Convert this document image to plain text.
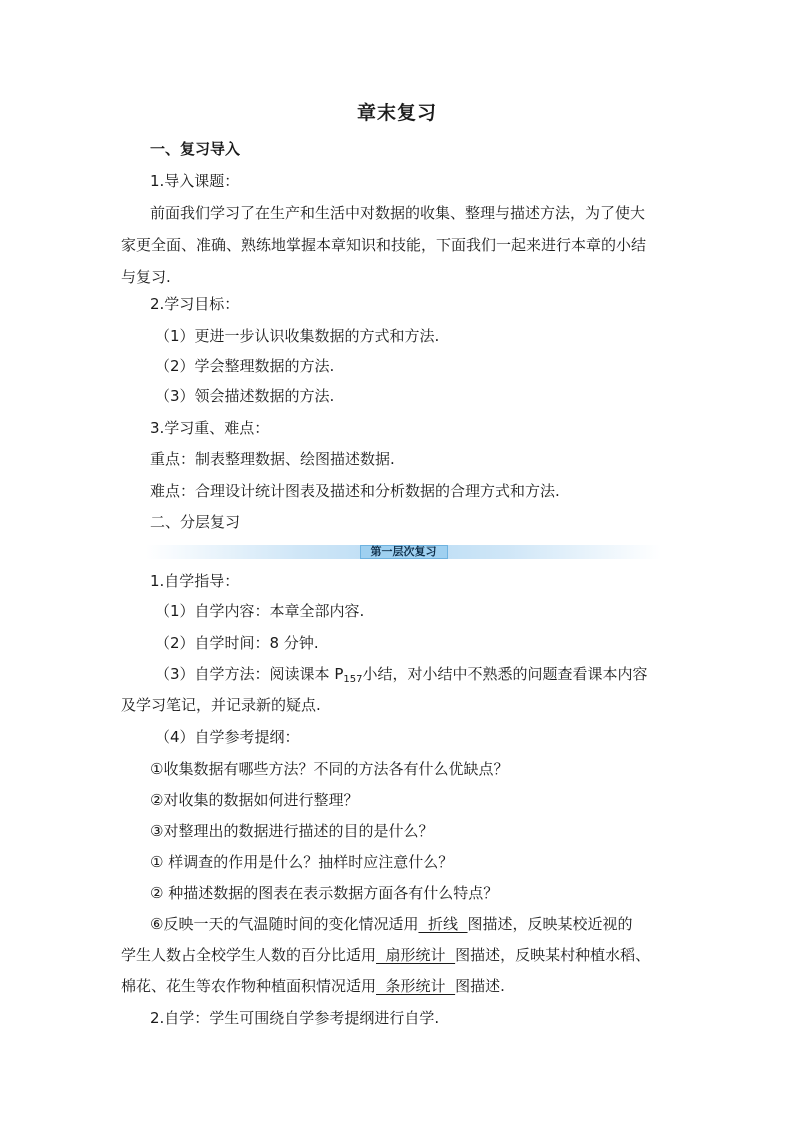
章末复习
一、复习导入
1.导入课题：
前面我们学习了在生产和生活中对数据的收集、整理与描述方法，为了使大
家更全面、准确、熟练地掌握本章知识和技能，下面我们一起来进行本章的小结
与复习.
2.学习目标：
（1）更进一步认识收集数据的方式和方法.
（2）学会整理数据的方法.
（3）领会描述数据的方法.
3.学习重、难点：
重点：制表整理数据、绘图描述数据.
难点：合理设计统计图表及描述和分析数据的合理方式和方法.
二、分层复习
第一层次复习
1.自学指导：
（1）自学内容：本章全部内容.
（2）自学时间：8 分钟.
（3）自学方法：阅读课本 $P_{157}$小结，对小结中不熟悉的问题查看课本内容
及学习笔记，并记录新的疑点.
（4）自学参考提纲：
①收集数据有哪些方法？不同的方法各有什么优缺点？
②对收集的数据如何进行整理？
③对整理出的数据进行描述的目的是什么？
① 样调查的作用是什么？抽样时应注意什么？
② 种描述数据的图表在表示数据方面各有什么特点？
⑥反映一天的气温随时间的变化情况适用  折线  图描述，反映某校近视的
学生人数占全校学生人数的百分比适用  扇形统计  图描述，反映某村种植水稻、
棉花、花生等农作物种植面积情况适用  条形统计  图描述.
2.自学：学生可围绕自学参考提纲进行自学.
